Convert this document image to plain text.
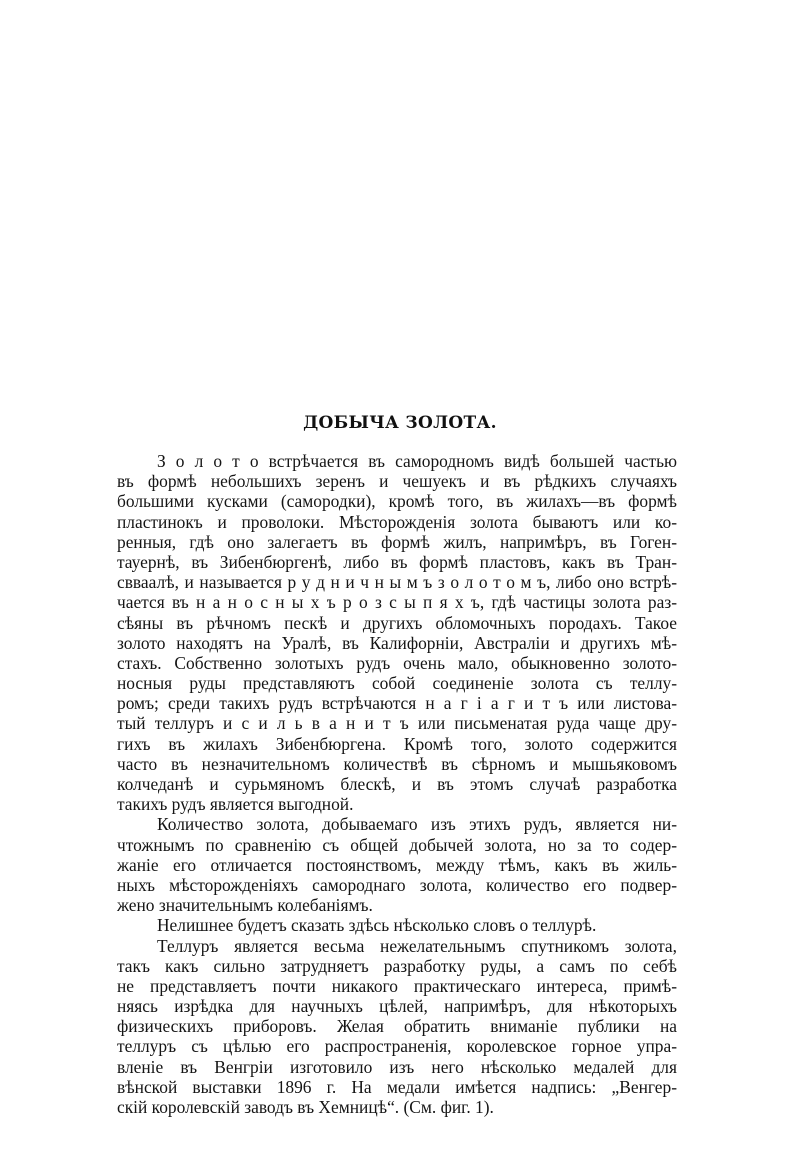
ДОБЫЧА ЗОЛОТА.
З о л о т о встрѣчается въ самородномъ видѣ большей частью
въ формѣ небольшихъ зеренъ и чешуекъ и въ рѣдкихъ случаяхъ
большими кусками (самородки), кромѣ того, въ жилахъ—въ формѣ
пластинокъ и проволоки. Мѣсторожденія золота бываютъ или ко-
ренныя, гдѣ оно залегаетъ въ формѣ жилъ, напримѣръ, въ Гоген-
тауернѣ, въ Зибенбюргенѣ, либо въ формѣ пластовъ, какъ въ Тран-
свваалѣ, и называется р у д н и ч н ы м ъ з о л о т о м ъ, либо оно встрѣ-
чается въ н а н о с н ы х ъ р о з с ы п я х ъ, гдѣ частицы золота раз-
сѣяны въ рѣчномъ пескѣ и другихъ обломочныхъ породахъ. Такое
золото находятъ на Уралѣ, въ Калифорніи, Австраліи и другихъ мѣ-
стахъ. Собственно золотыхъ рудъ очень мало, обыкновенно золото-
носныя руды представляютъ собой соединеніе золота съ теллу-
ромъ; среди такихъ рудъ встрѣчаются н а г і а г и т ъ или листова-
тый теллуръ и с и л ь в а н и т ъ или письменатая руда чаще дру-
гихъ въ жилахъ Зибенбюргена. Кромѣ того, золото содержится
часто въ незначительномъ количествѣ въ сѣрномъ и мышьяковомъ
колчеданѣ и сурьмяномъ блескѣ, и въ этомъ случаѣ разработка
такихъ рудъ является выгодной.
Количество золота, добываемаго изъ этихъ рудъ, является ни-
чтожнымъ по сравненію съ общей добычей золота, но за то содер-
жаніе его отличается постоянствомъ, между тѣмъ, какъ въ жиль-
ныхъ мѣсторожденіяхъ самороднаго золота, количество его подвер-
жено значительнымъ колебаніямъ.
Нелишнее будетъ сказать здѣсь нѣсколько словъ о теллурѣ.
Теллуръ является весьма нежелательнымъ спутникомъ золота,
такъ какъ сильно затрудняетъ разработку руды, а самъ по себѣ
не представляетъ почти никакого практическаго интереса, примѣ-
няясь изрѣдка для научныхъ цѣлей, напримѣръ, для нѣкоторыхъ
физическихъ приборовъ. Желая обратить вниманіе публики на
теллуръ съ цѣлью его распространенія, королевское горное упра-
вленіе въ Венгріи изготовило изъ него нѣсколько медалей для
вѣнской выставки 1896 г. На медали имѣется надпись: „Венгер-
скій королевскій заводъ въ Хемницѣ“. (См. фиг. 1).
